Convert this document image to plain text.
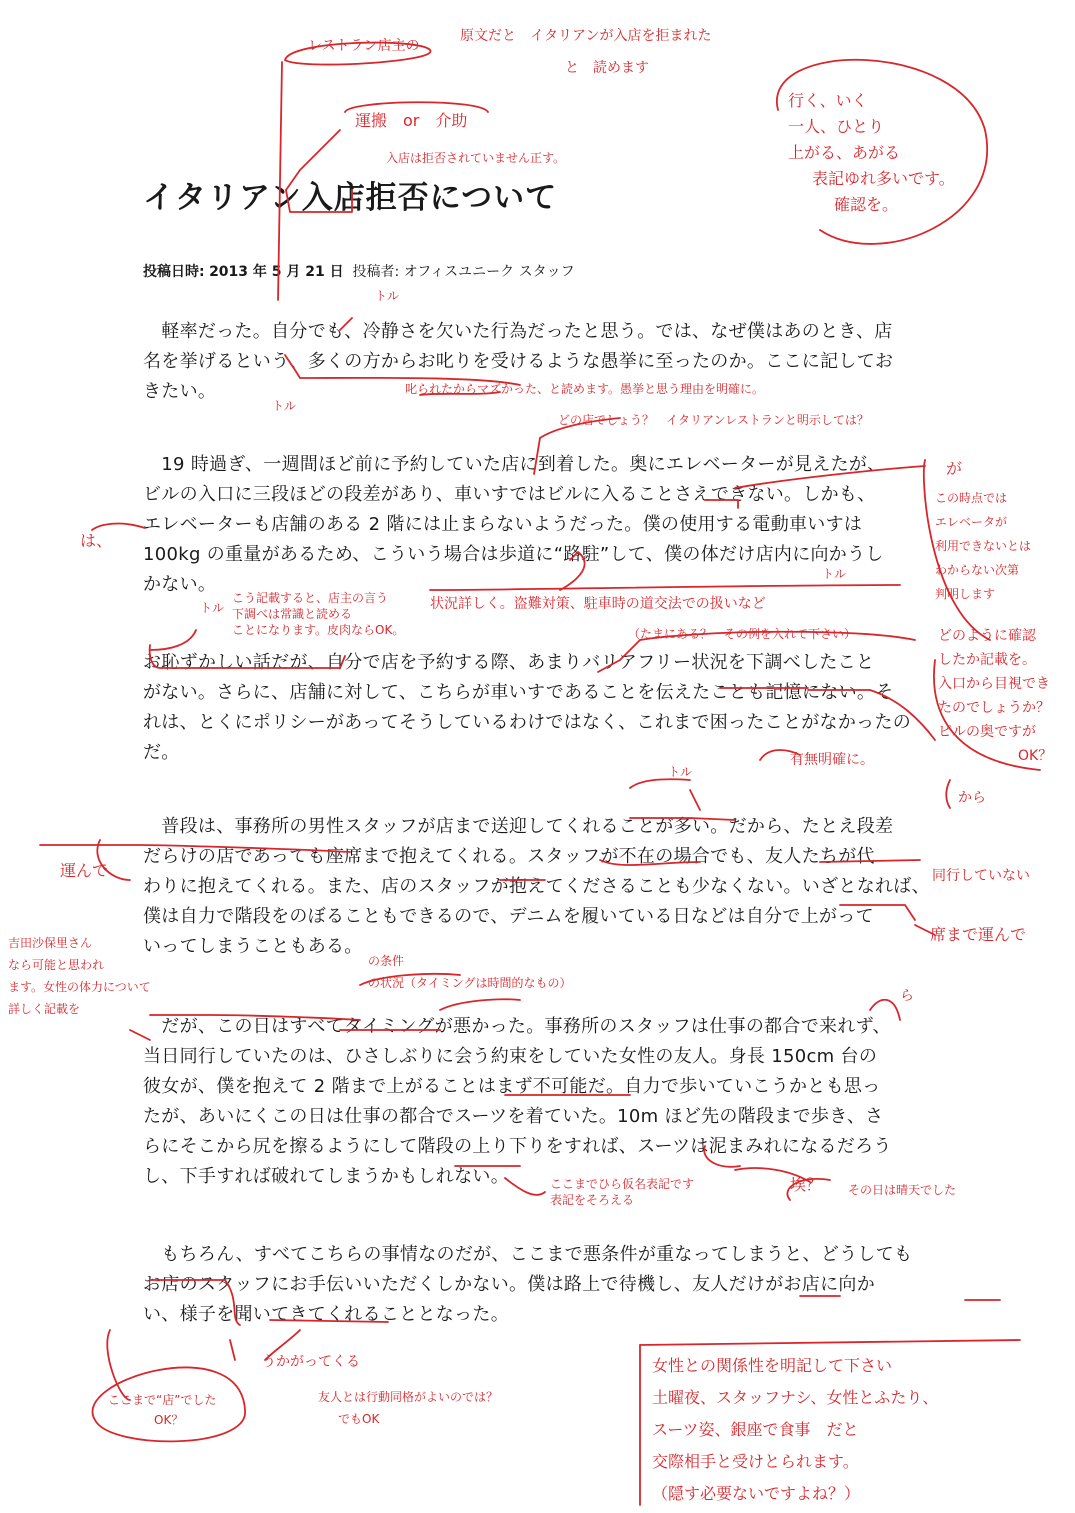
イタリアン入店拒否について
投稿日時: 2013 年 5 月 21 日 投稿者: オフィスユニーク スタッフ
　軽率だった。自分でも、冷静さを欠いた行為だったと思う。では、なぜ僕はあのとき、店
名を挙げるという、多くの方からお叱りを受けるような愚挙に至ったのか。ここに記してお
きたい。
　19 時過ぎ、一週間ほど前に予約していた店に到着した。奥にエレベーターが見えたが、
ビルの入口に三段ほどの段差があり、車いすではビルに入ることさえできない。しかも、
エレベーターも店舗のある 2 階には止まらないようだった。僕の使用する電動車いすは
100kg の重量があるため、こういう場合は歩道に“路駐”して、僕の体だけ店内に向かうし
かない。
お恥ずかしい話だが、自分で店を予約する際、あまりバリアフリー状況を下調べしたこと
がない。さらに、店舗に対して、こちらが車いすであることを伝えたことも記憶にない。そ
れは、とくにポリシーがあってそうしているわけではなく、これまで困ったことがなかったの
だ。
　普段は、事務所の男性スタッフが店まで送迎してくれることが多い。だから、たとえ段差
だらけの店であっても座席まで抱えてくれる。スタッフが不在の場合でも、友人たちが代
わりに抱えてくれる。また、店のスタッフが抱えてくださることも少なくない。いざとなれば、
僕は自力で階段をのぼることもできるので、デニムを履いている日などは自分で上がって
いってしまうこともある。
　だが、この日はすべてタイミングが悪かった。事務所のスタッフは仕事の都合で来れず、
当日同行していたのは、ひさしぶりに会う約束をしていた女性の友人。身長 150cm 台の
彼女が、僕を抱えて 2 階まで上がることはまず不可能だ。自力で歩いていこうかとも思っ
たが、あいにくこの日は仕事の都合でスーツを着ていた。10m ほど先の階段まで歩き、さ
らにそこから尻を擦るようにして階段の上り下りをすれば、スーツは泥まみれになるだろう
し、下手すれば破れてしまうかもしれない。
　もちろん、すべてこちらの事情なのだが、ここまで悪条件が重なってしまうと、どうしても
お店のスタッフにお手伝いいただくしかない。僕は路上で待機し、友人だけがお店に向か
い、様子を聞いてきてくれることとなった。
レストラン店主の
原文だと　イタリアンが入店を拒まれた
と　読めます
運搬　or　介助
入店は拒否されていません正す。
行く、いく
一人、ひとり
上がる、あがる
表記ゆれ多いです。
確認を。
トル
トル
叱られたからマズかった、と読めます。愚挙と思う理由を明確に。
どの店でしょう？　イタリアンレストランと明示しては？
が
この時点では
エレベータが
利用できないとは
わからない次第
判明します
は、
トル
トル
こう記載すると、店主の言う
下調べは常識と読める
ことになります。皮肉ならOK。
状況詳しく。盗難対策、駐車時の道交法での扱いなど
（たまにある？　その例を入れて下さい）	どのように確認
したか記載を。
入口から目視でき
たのでしょうか？
ビルの奥ですが
OK？
有無明確に。
から
トル
運んで	同行していない
席まで運んで
吉田沙保里さん
なら可能と思われ
ます。女性の体力について
詳しく記載を
の条件
の状況（タイミングは時間的なもの）
ら
ここまでひら仮名表記です
表記をそろえる
埃？ その日は晴天でした
うかがってくる
ここまで“店”でした
OK？
友人とは行動同格がよいのでは？
でもOK
女性との関係性を明記して下さい
土曜夜、スタッフナシ、女性とふたり、
スーツ姿、銀座で食事　だと
交際相手と受けとられます。
（隠す必要ないですよね？）
